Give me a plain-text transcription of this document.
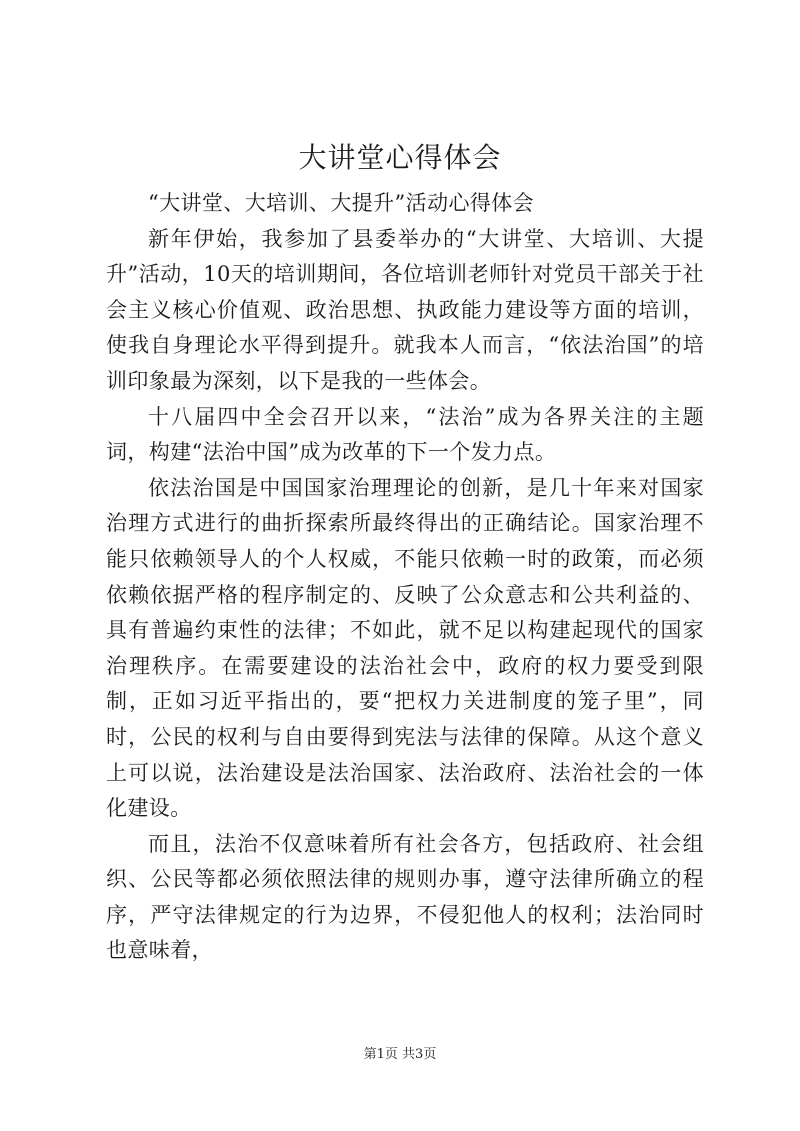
大讲堂心得体会

“大讲堂、大培训、大提升”活动心得体会

新年伊始，我参加了县委举办的“大讲堂、大培训、大提升”活动，10天的培训期间，各位培训老师针对党员干部关于社会主义核心价值观、政治思想、执政能力建设等方面的培训，使我自身理论水平得到提升。就我本人而言，“依法治国”的培训印象最为深刻，以下是我的一些体会。

十八届四中全会召开以来，“法治”成为各界关注的主题词，构建“法治中国”成为改革的下一个发力点。

依法治国是中国国家治理理论的创新，是几十年来对国家治理方式进行的曲折探索所最终得出的正确结论。国家治理不能只依赖领导人的个人权威，不能只依赖一时的政策，而必须依赖依据严格的程序制定的、反映了公众意志和公共利益的、具有普遍约束性的法律；不如此，就不足以构建起现代的国家治理秩序。在需要建设的法治社会中，政府的权力要受到限制，正如习近平指出的，要“把权力关进制度的笼子里”，同时，公民的权利与自由要得到宪法与法律的保障。从这个意义上可以说，法治建设是法治国家、法治政府、法治社会的一体化建设。

而且，法治不仅意味着所有社会各方，包括政府、社会组织、公民等都必须依照法律的规则办事，遵守法律所确立的程序，严守法律规定的行为边界，不侵犯他人的权利；法治同时也意味着，

第1页 共3页
